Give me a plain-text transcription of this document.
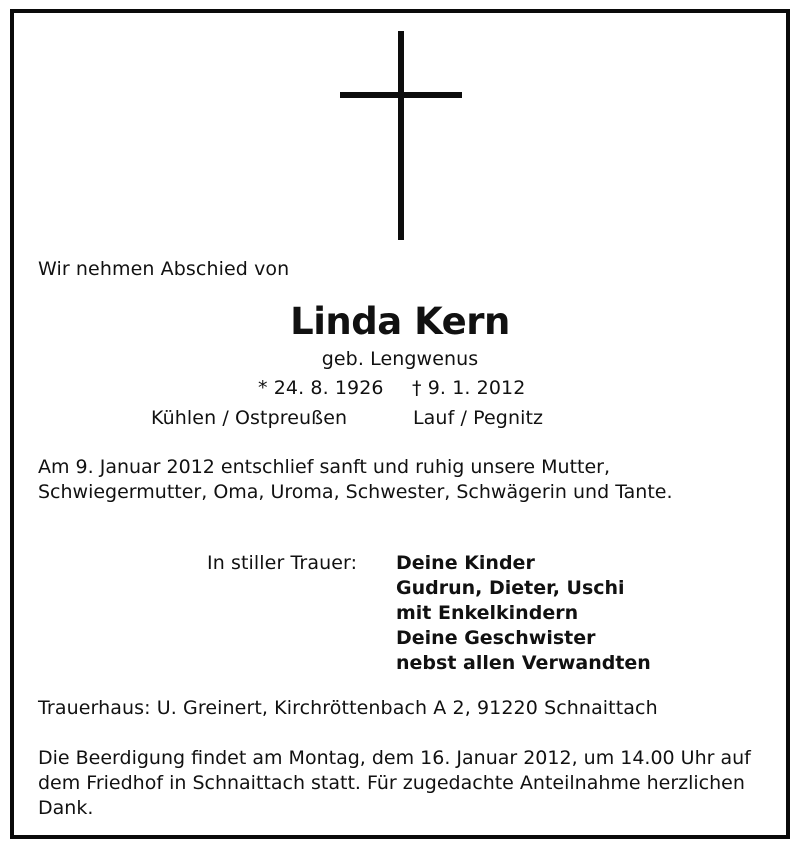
Wir nehmen Abschied von
Linda Kern
geb. Lengwenus
* 24. 8. 1926 † 9. 1. 2012
Kühlen / Ostpreußen	Lauf / Pegnitz
Am 9. Januar 2012 entschlief sanft und ruhig unsere Mutter, Schwiegermutter, Oma, Uroma, Schwester, Schwägerin und Tante.
In stiller Trauer: Deine Kinder
Gudrun, Dieter, Uschi
mit Enkelkindern
Deine Geschwister
nebst allen Verwandten
Trauerhaus: U. Greinert, Kirchröttenbach A 2, 91220 Schnaittach
Die Beerdigung findet am Montag, dem 16. Januar 2012, um 14.00 Uhr auf dem Friedhof in Schnaittach statt. Für zugedachte Anteilnahme herzlichen Dank.
